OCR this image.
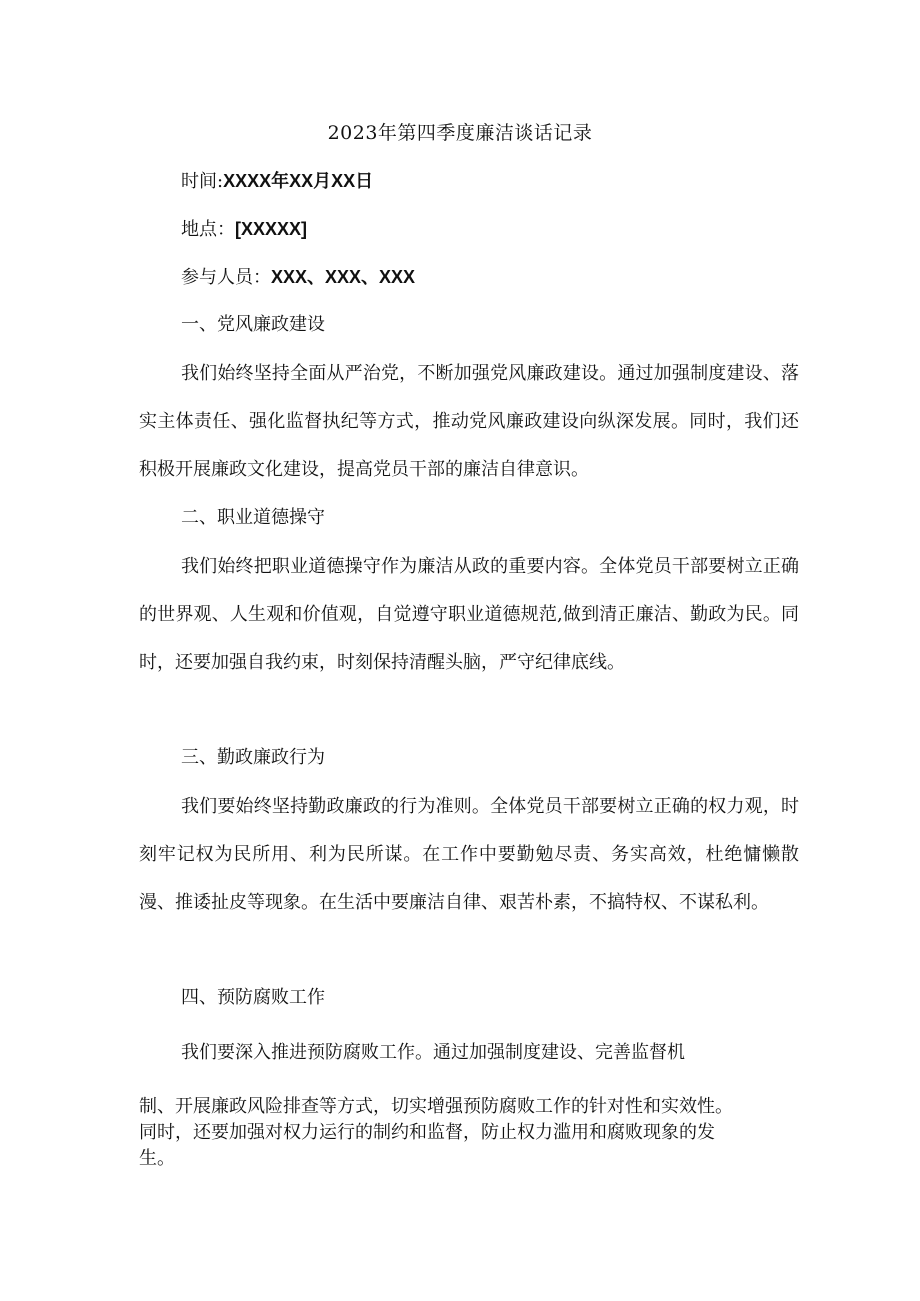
2023年第四季度廉洁谈话记录
时间:XXXX年XX月XX日
地点：[XXXXX]
参与人员：XXX、XXX、XXX
一、党风廉政建设

我们始终坚持全面从严治党，不断加强党风廉政建设。通过加强制度建设、落实主体责任、强化监督执纪等方式，推动党风廉政建设向纵深发展。同时，我们还积极开展廉政文化建设，提高党员干部的廉洁自律意识。

二、职业道德操守

我们始终把职业道德操守作为廉洁从政的重要内容。全体党员干部要树立正确的世界观、人生观和价值观，自觉遵守职业道德规范,做到清正廉洁、勤政为民。同时，还要加强自我约束，时刻保持清醒头脑，严守纪律底线。

三、勤政廉政行为

我们要始终坚持勤政廉政的行为准则。全体党员干部要树立正确的权力观，时刻牢记权为民所用、利为民所谋。在工作中要勤勉尽责、务实高效，杜绝慵懒散漫、推诿扯皮等现象。在生活中要廉洁自律、艰苦朴素，不搞特权、不谋私利。

四、预防腐败工作
我们要深入推进预防腐败工作。通过加强制度建设、完善监督机
制、开展廉政风险排查等方式，切实增强预防腐败工作的针对性和实效性。
同时，还要加强对权力运行的制约和监督，防止权力滥用和腐败现象的发
生。
